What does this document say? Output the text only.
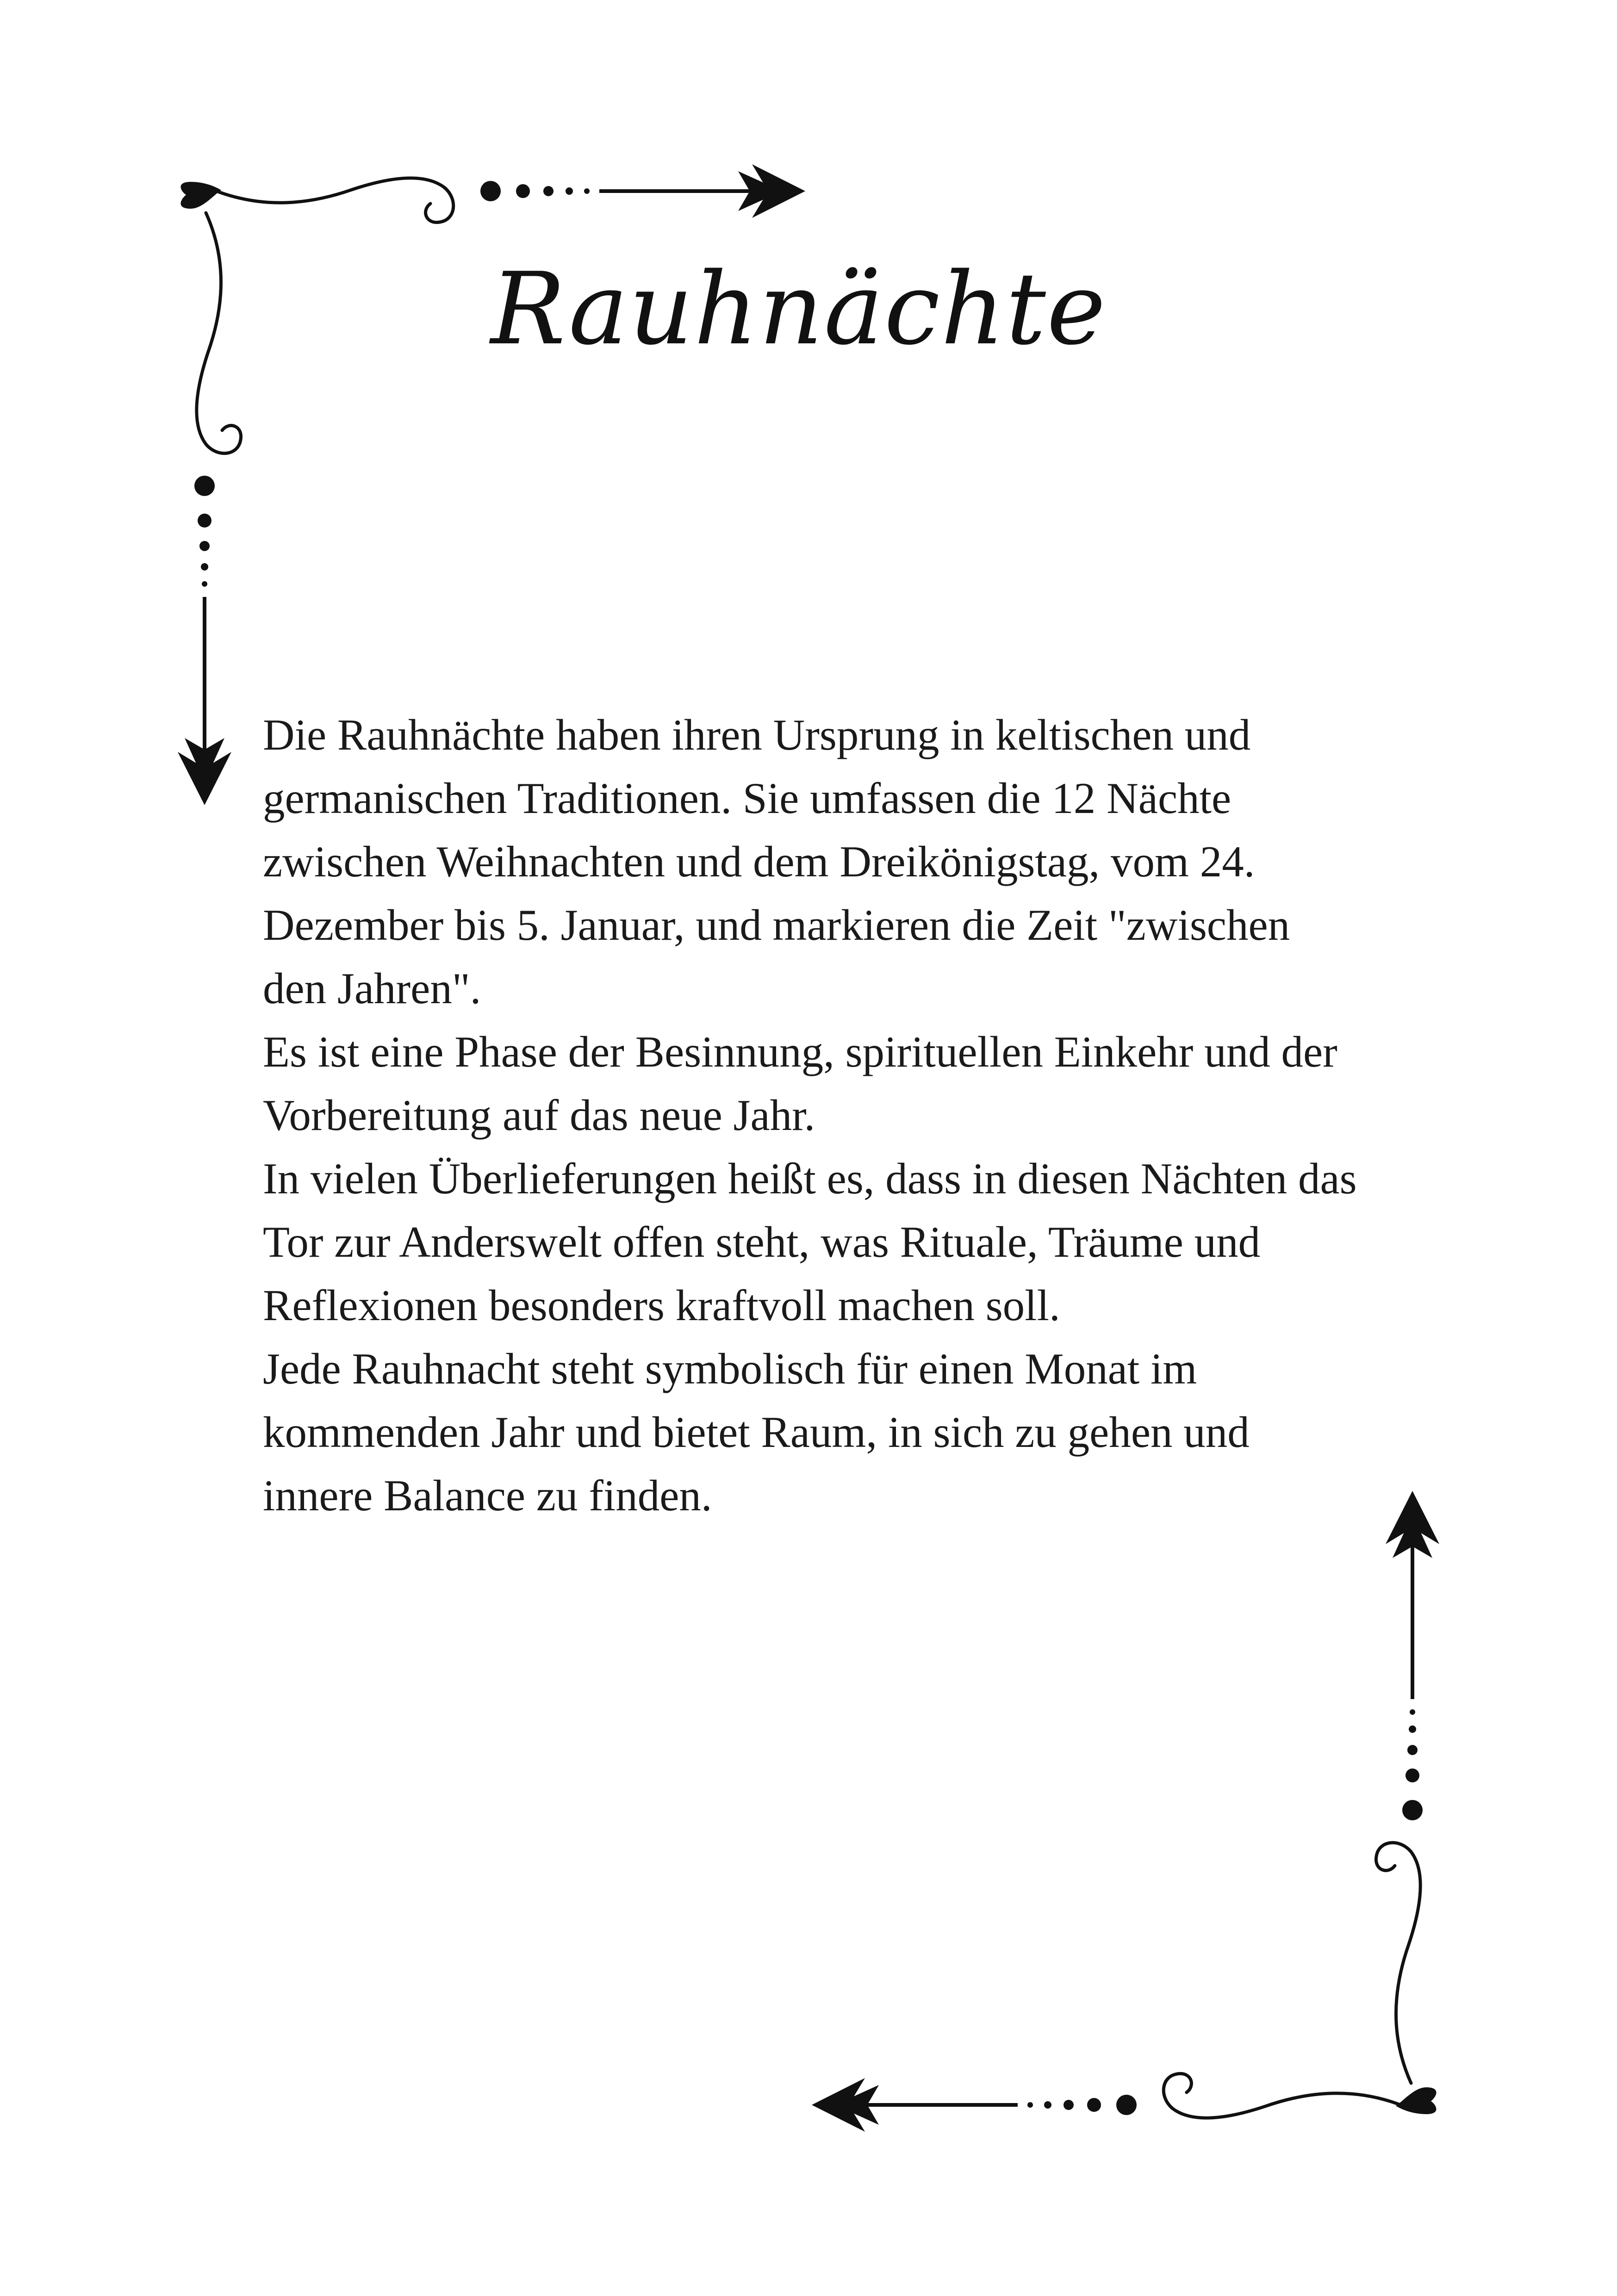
Rauhnächte
Die Rauhnächte haben ihren Ursprung in keltischen und
germanischen Traditionen. Sie umfassen die 12 Nächte
zwischen Weihnachten und dem Dreikönigstag, vom 24.
Dezember bis 5. Januar, und markieren die Zeit "zwischen
den Jahren".
Es ist eine Phase der Besinnung, spirituellen Einkehr und der
Vorbereitung auf das neue Jahr.
In vielen Überlieferungen heißt es, dass in diesen Nächten das
Tor zur Anderswelt offen steht, was Rituale, Träume und
Reflexionen besonders kraftvoll machen soll.
Jede Rauhnacht steht symbolisch für einen Monat im
kommenden Jahr und bietet Raum, in sich zu gehen und
innere Balance zu finden.
